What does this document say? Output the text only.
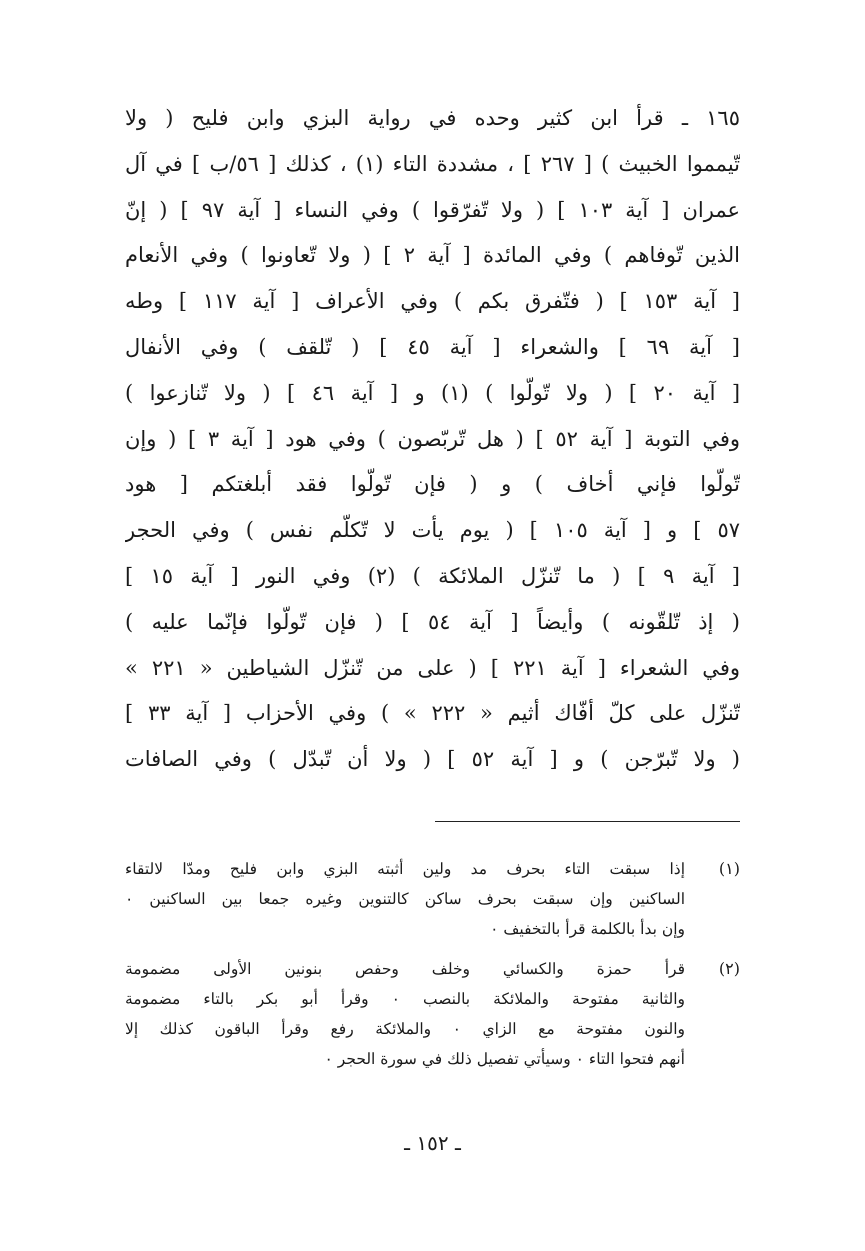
١٦٥ ـ قرأ ابن كثير وحده في رواية البزي وابن فليح ( ولا
تّيمموا الخبيث ) [ ٢٦٧ ] ، مشددة التاء (١) ، كذلك [ ٥٦/ب ] في آل
عمران [ آية ١٠٣ ] ( ولا تّفرّقوا ) وفي النساء [ آية ٩٧ ] ( إنّ
الذين تّوفاهم ) وفي المائدة [ آية ٢ ] ( ولا تّعاونوا ) وفي الأنعام
[ آية ١٥٣ ] ( فتّفرق بكم ) وفي الأعراف [ آية ١١٧ ] وطه
[ آية ٦٩ ] والشعراء [ آية ٤٥ ] ( تّلقف ) وفي الأنفال
[ آية ٢٠ ] ( ولا تّولّوا ) (١) و [ آية ٤٦ ] ( ولا تّنازعوا )
وفي التوبة [ آية ٥٢ ] ( هل تّربّصون ) وفي هود [ آية ٣ ] ( وإن
تّولّوا فإني أخاف ) و ( فإن تّولّوا فقد أبلغتكم [ هود
٥٧ ] و [ آية ١٠٥ ] ( يوم يأت لا تّكلّم نفس ) وفي الحجر
[ آية ٩ ] ( ما تّنزّل الملائكة ) (٢) وفي النور [ آية ١٥ ]
( إذ تّلقّونه ) وأيضاً [ آية ٥٤ ] ( فإن تّولّوا فإنّما عليه )
وفي الشعراء [ آية ٢٢١ ] ( على من تّنزّل الشياطين « ٢٢١ »
تّنزّل على كلّ أفّاك أثيم « ٢٢٢ » ) وفي الأحزاب [ آية ٣٣ ]
( ولا تّبرّجن ) و [ آية ٥٢ ] ( ولا أن تّبدّل ) وفي الصافات
(١)
إذا سبقت التاء بحرف مد ولين أثبته البزي وابن فليح ومدّا لالتقاء
الساكنين وإن سبقت بحرف ساكن كالتنوين وغيره جمعا بين الساكنين ٠
وإن بدأ بالكلمة قرأ بالتخفيف ٠
(٢)
قرأ حمزة والكسائي وخلف وحفص بنونين الأولى مضمومة
والثانية مفتوحة والملائكة بالنصب ٠ وقرأ أبو بكر بالتاء مضمومة
والنون مفتوحة مع الزاي ٠ والملائكة رفع وقرأ الباقون كذلك إلا
أنهم فتحوا التاء ٠ وسيأتي تفصيل ذلك في سورة الحجر ٠
ـ ١٥٢ ـ
